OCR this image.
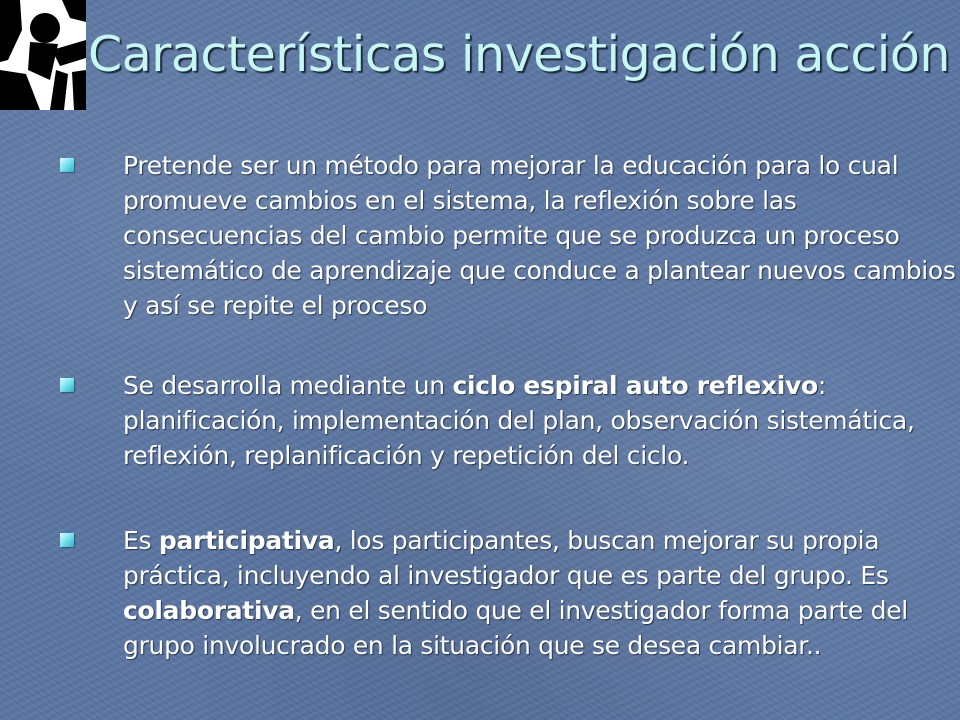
Características investigación acción

Pretende ser un método para mejorar la educación para lo cual promueve cambios en el sistema, la reflexión sobre las consecuencias del cambio permite que se produzca un proceso sistemático de aprendizaje que conduce a plantear nuevos cambios y así se repite el proceso

Se desarrolla mediante un ciclo espiral auto reflexivo: planificación, implementación del plan, observación sistemática, reflexión, replanificación y repetición del ciclo.

Es participativa, los participantes, buscan mejorar su propia práctica, incluyendo al investigador que es parte del grupo. Es colaborativa, en el sentido que el investigador forma parte del grupo involucrado en la situación que se desea cambiar..
